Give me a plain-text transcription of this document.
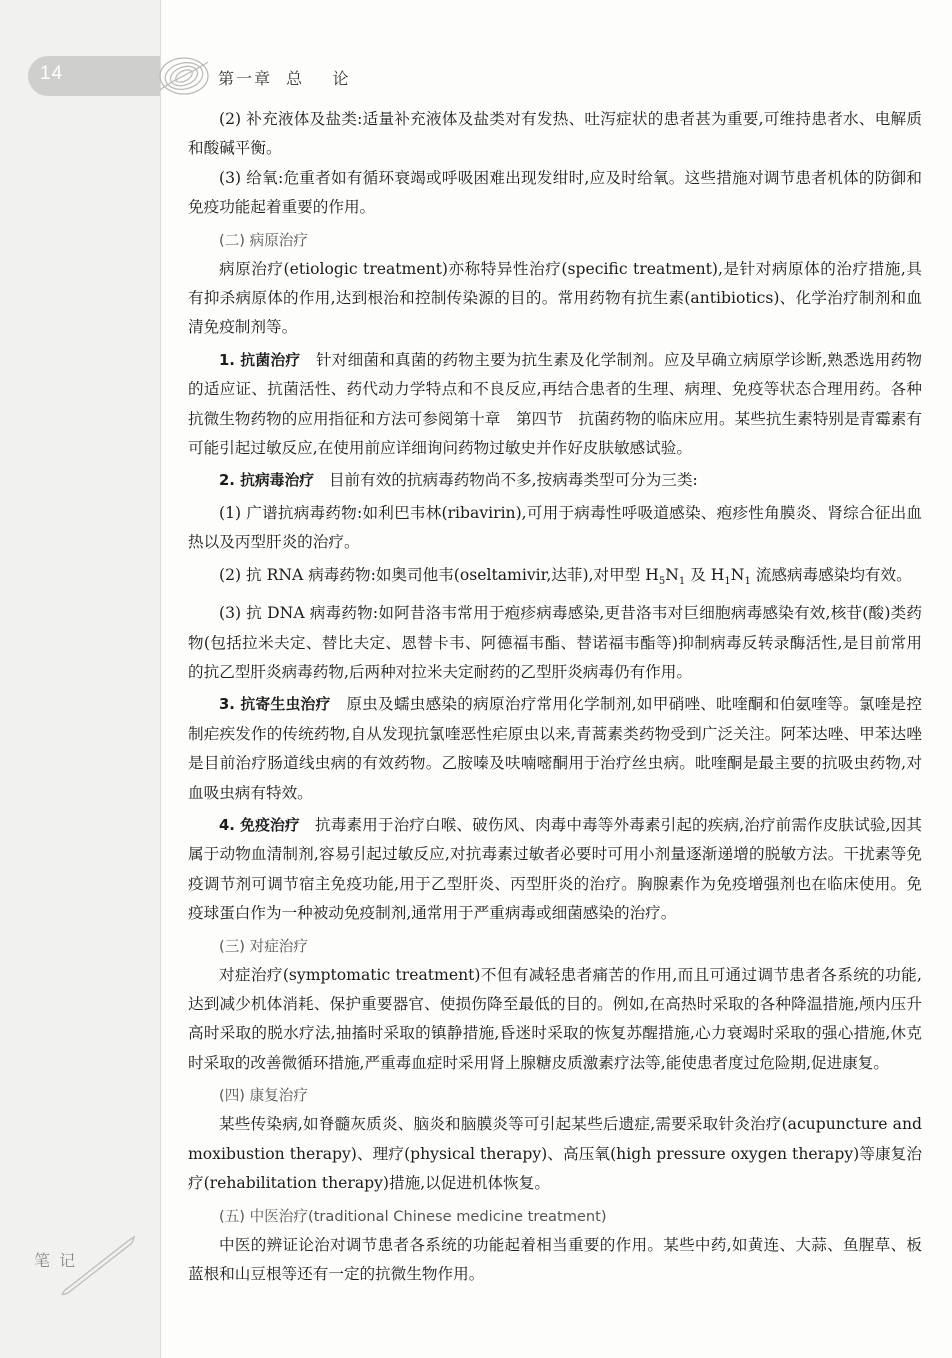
14	第一章  总    论

(2) 补充液体及盐类:适量补充液体及盐类对有发热、吐泻症状的患者甚为重要,可维持患者水、电解质和酸碱平衡。

(3) 给氧:危重者如有循环衰竭或呼吸困难出现发绀时,应及时给氧。这些措施对调节患者机体的防御和免疫功能起着重要的作用。

(二) 病原治疗

病原治疗(etiologic treatment)亦称特异性治疗(specific treatment),是针对病原体的治疗措施,具有抑杀病原体的作用,达到根治和控制传染源的目的。常用药物有抗生素(antibiotics)、化学治疗制剂和血清免疫制剂等。

1. 抗菌治疗 针对细菌和真菌的药物主要为抗生素及化学制剂。应及早确立病原学诊断,熟悉选用药物的适应证、抗菌活性、药代动力学特点和不良反应,再结合患者的生理、病理、免疫等状态合理用药。各种抗微生物药物的应用指征和方法可参阅第十章　第四节　抗菌药物的临床应用。某些抗生素特别是青霉素有可能引起过敏反应,在使用前应详细询问药物过敏史并作好皮肤敏感试验。

2. 抗病毒治疗 目前有效的抗病毒药物尚不多,按病毒类型可分为三类:

(1) 广谱抗病毒药物:如利巴韦林(ribavirin),可用于病毒性呼吸道感染、疱疹性角膜炎、肾综合征出血热以及丙型肝炎的治疗。

(2) 抗 RNA 病毒药物:如奥司他韦(oseltamivir,达菲),对甲型 $H_5N_1$ 及 $H_1N_1$ 流感病毒感染均有效。

(3) 抗 DNA 病毒药物:如阿昔洛韦常用于疱疹病毒感染,更昔洛韦对巨细胞病毒感染有效,核苷(酸)类药物(包括拉米夫定、替比夫定、恩替卡韦、阿德福韦酯、替诺福韦酯等)抑制病毒反转录酶活性,是目前常用的抗乙型肝炎病毒药物,后两种对拉米夫定耐药的乙型肝炎病毒仍有作用。

3. 抗寄生虫治疗 原虫及蠕虫感染的病原治疗常用化学制剂,如甲硝唑、吡喹酮和伯氨喹等。氯喹是控制疟疾发作的传统药物,自从发现抗氯喹恶性疟原虫以来,青蒿素类药物受到广泛关注。阿苯达唑、甲苯达唑是目前治疗肠道线虫病的有效药物。乙胺嗪及呋喃嘧酮用于治疗丝虫病。吡喹酮是最主要的抗吸虫药物,对血吸虫病有特效。

4. 免疫治疗 抗毒素用于治疗白喉、破伤风、肉毒中毒等外毒素引起的疾病,治疗前需作皮肤试验,因其属于动物血清制剂,容易引起过敏反应,对抗毒素过敏者必要时可用小剂量逐渐递增的脱敏方法。干扰素等免疫调节剂可调节宿主免疫功能,用于乙型肝炎、丙型肝炎的治疗。胸腺素作为免疫增强剂也在临床使用。免疫球蛋白作为一种被动免疫制剂,通常用于严重病毒或细菌感染的治疗。

(三) 对症治疗

对症治疗(symptomatic treatment)不但有减轻患者痛苦的作用,而且可通过调节患者各系统的功能,达到减少机体消耗、保护重要器官、使损伤降至最低的目的。例如,在高热时采取的各种降温措施,颅内压升高时采取的脱水疗法,抽搐时采取的镇静措施,昏迷时采取的恢复苏醒措施,心力衰竭时采取的强心措施,休克时采取的改善微循环措施,严重毒血症时采用肾上腺糖皮质激素疗法等,能使患者度过危险期,促进康复。

(四) 康复治疗

某些传染病,如脊髓灰质炎、脑炎和脑膜炎等可引起某些后遗症,需要采取针灸治疗(acupuncture and moxibustion therapy)、理疗(physical therapy)、高压氧(high pressure oxygen therapy)等康复治疗(rehabilitation therapy)措施,以促进机体恢复。

(五) 中医治疗(traditional Chinese medicine treatment)

中医的辨证论治对调节患者各系统的功能起着相当重要的作用。某些中药,如黄连、大蒜、鱼腥草、板蓝根和山豆根等还有一定的抗微生物作用。

笔 记
